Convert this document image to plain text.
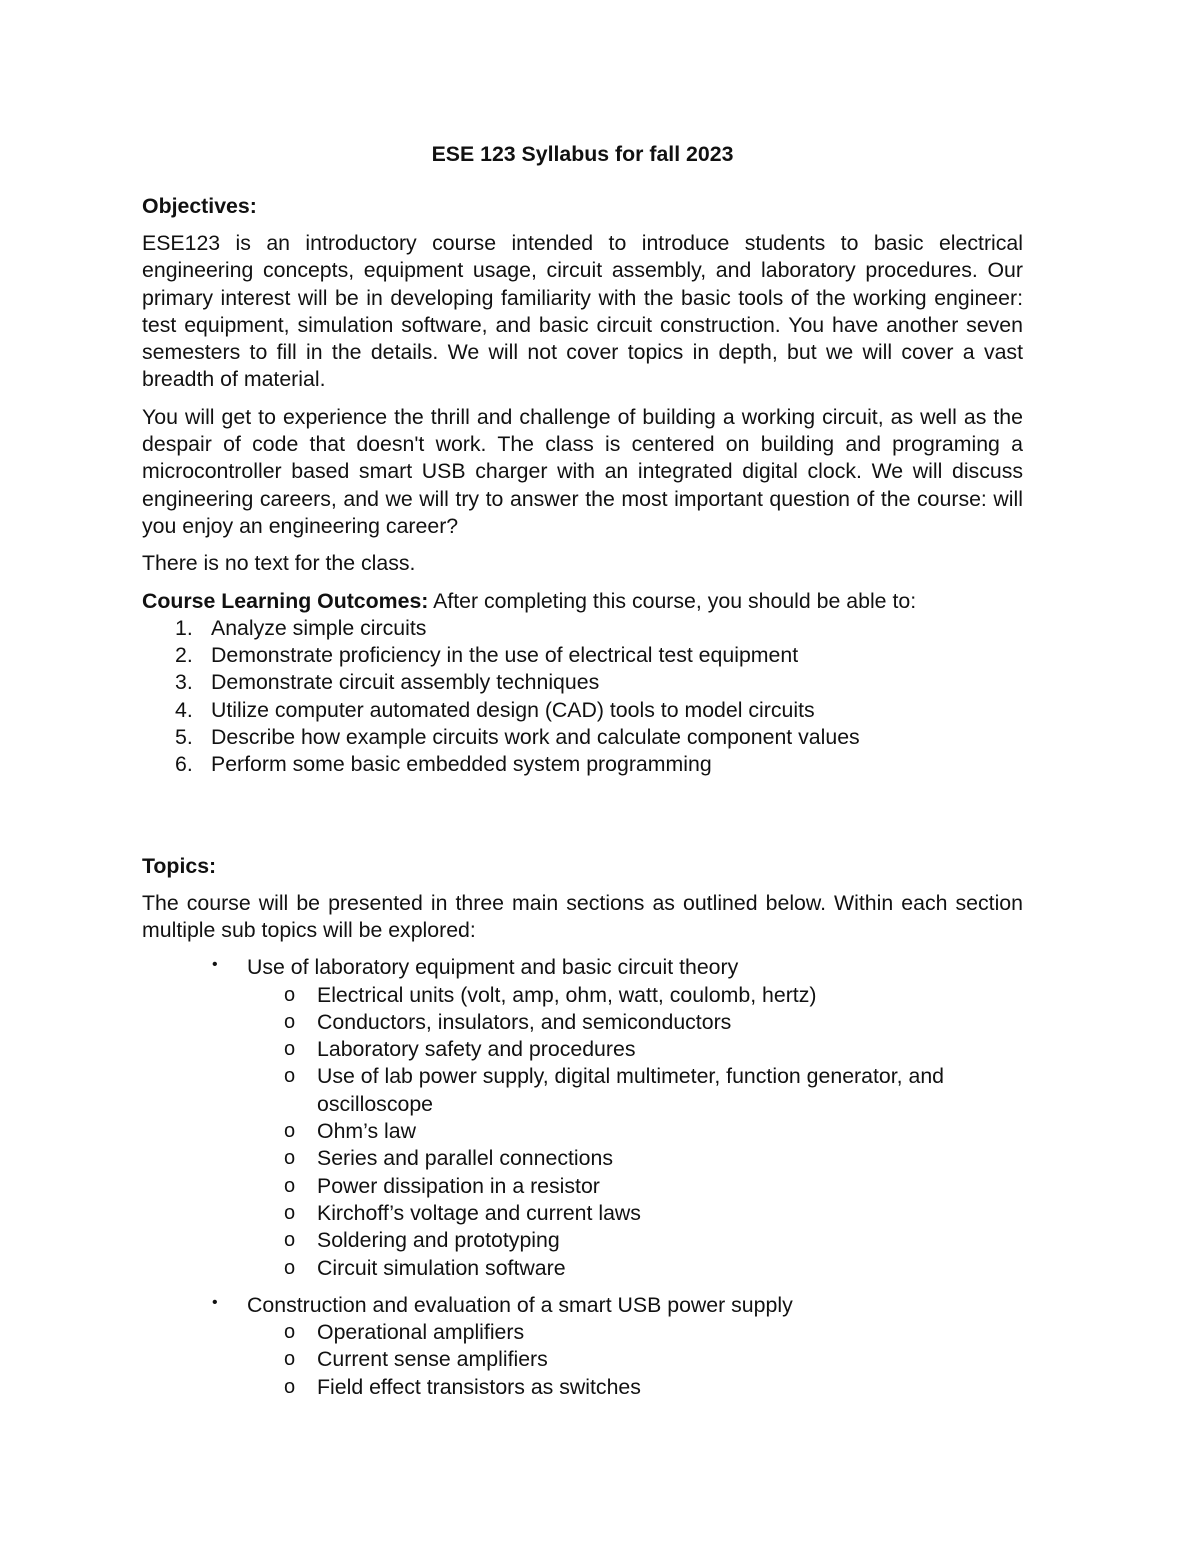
ESE 123 Syllabus for fall 2023

Objectives:

ESE123 is an introductory course intended to introduce students to basic electrical engineering concepts, equipment usage, circuit assembly, and laboratory procedures. Our primary interest will be in developing familiarity with the basic tools of the working engineer: test equipment, simulation software, and basic circuit construction. You have another seven semesters to fill in the details. We will not cover topics in depth, but we will cover a vast breadth of material.

You will get to experience the thrill and challenge of building a working circuit, as well as the despair of code that doesn't work. The class is centered on building and programing a microcontroller based smart USB charger with an integrated digital clock. We will discuss engineering careers, and we will try to answer the most important question of the course: will you enjoy an engineering career?

There is no text for the class.

Course Learning Outcomes: After completing this course, you should be able to:

1. Analyze simple circuits
2. Demonstrate proficiency in the use of electrical test equipment
3. Demonstrate circuit assembly techniques
4. Utilize computer automated design (CAD) tools to model circuits
5. Describe how example circuits work and calculate component values
6. Perform some basic embedded system programming

Topics:

The course will be presented in three main sections as outlined below. Within each section multiple sub topics will be explored:

• Use of laboratory equipment and basic circuit theory
o Electrical units (volt, amp, ohm, watt, coulomb, hertz)
o Conductors, insulators, and semiconductors
o Laboratory safety and procedures
o Use of lab power supply, digital multimeter, function generator, and oscilloscope
o Ohm’s law
o Series and parallel connections
o Power dissipation in a resistor
o Kirchoff’s voltage and current laws
o Soldering and prototyping
o Circuit simulation software
• Construction and evaluation of a smart USB power supply
o Operational amplifiers
o Current sense amplifiers
o Field effect transistors as switches
